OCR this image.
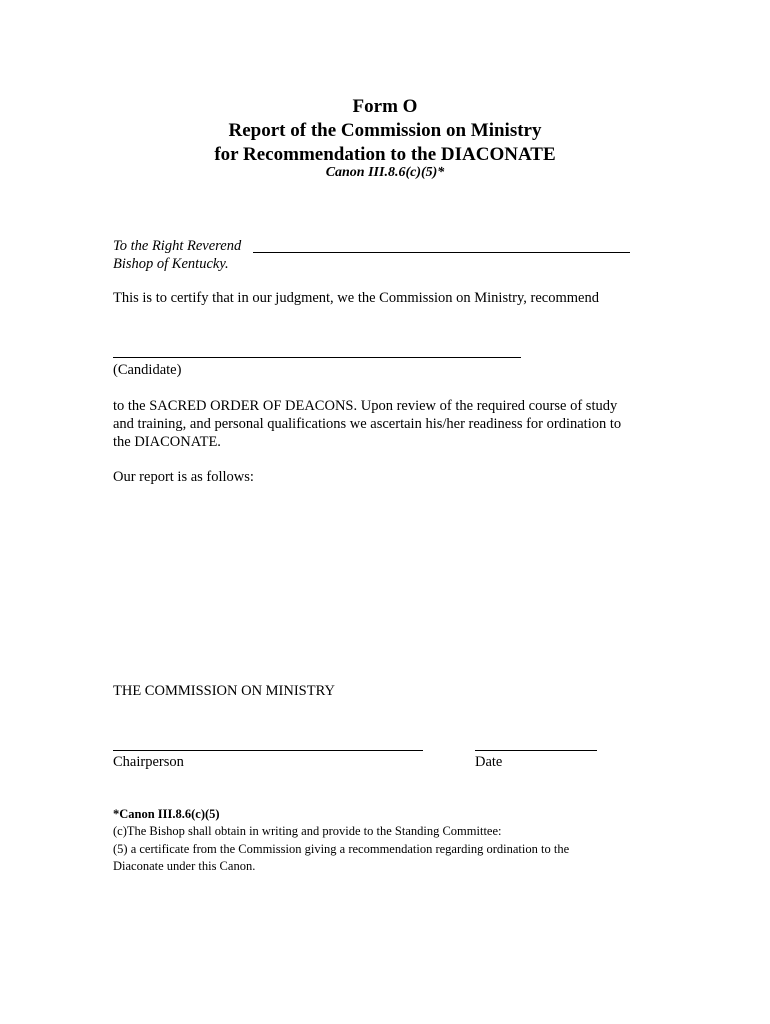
Form O
Report of the Commission on Ministry
for Recommendation to the DIACONATE
Canon III.8.6(c)(5)*
To the Right Reverend
Bishop of Kentucky.
This is to certify that in our judgment, we the Commission on Ministry, recommend
(Candidate)
to the SACRED ORDER OF DEACONS. Upon review of the required course of study
and training, and personal qualifications we ascertain his/her readiness for ordination to
the DIACONATE.
Our report is as follows:
THE COMMISSION ON MINISTRY
Chairperson	Date
*Canon III.8.6(c)(5)
(c)The Bishop shall obtain in writing and provide to the Standing Committee:
(5) a certificate from the Commission giving a recommendation regarding ordination to the
Diaconate under this Canon.
